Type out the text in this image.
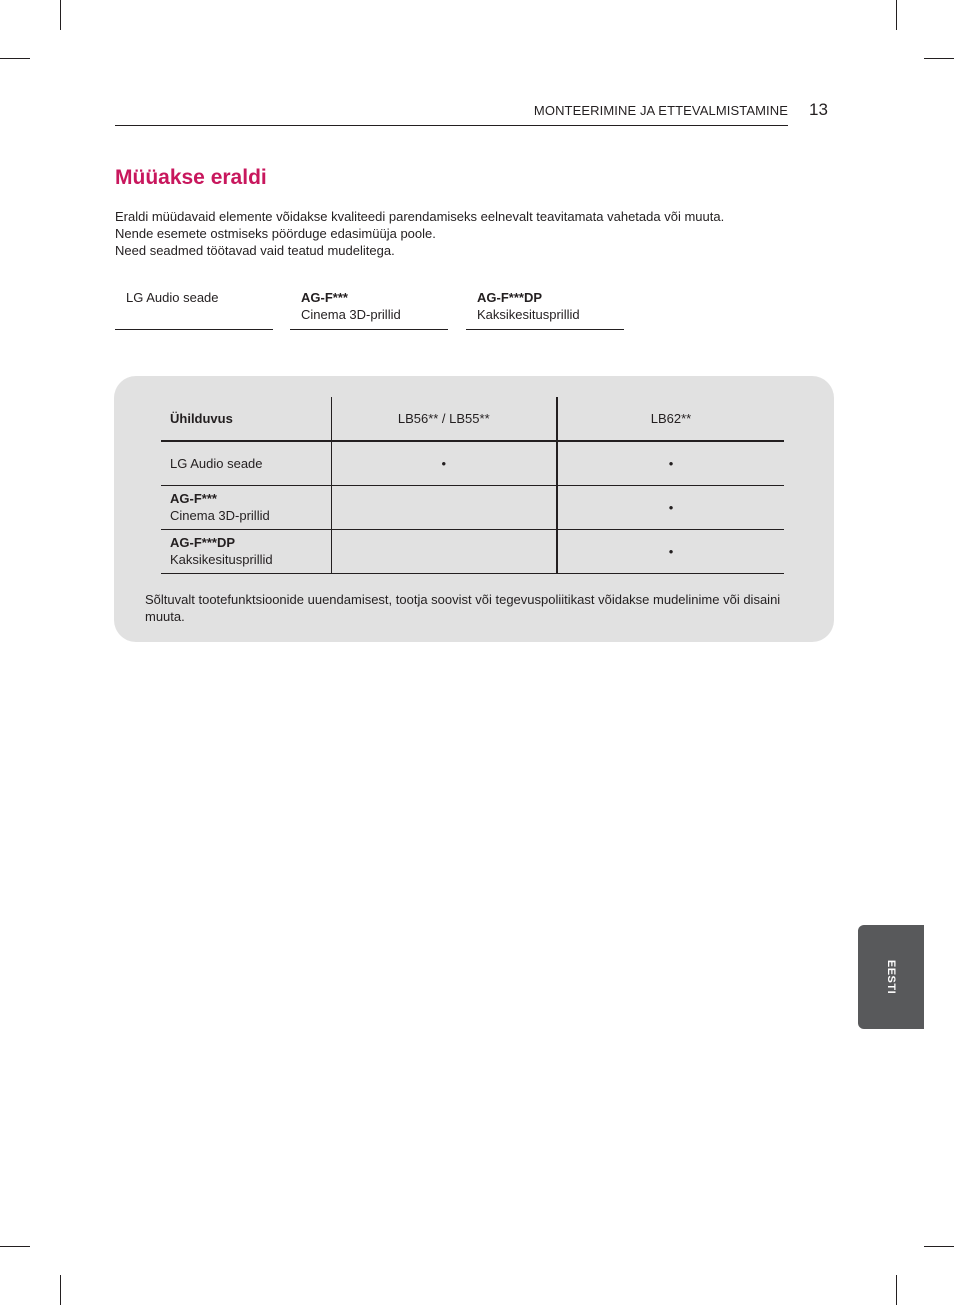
MONTEERIMINE JA ETTEVALMISTAMINE 13
Müüakse eraldi
Eraldi müüdavaid elemente võidakse kvaliteedi parendamiseks eelnevalt teavitamata vahetada või muuta.
Nende esemete ostmiseks pöörduge edasimüüja poole.
Need seadmed töötavad vaid teatud mudelitega.
LG Audio seade	AG-F***
Cinema 3D-prillid
AG-F***DP
Kaksikesitusprillid
Ühilduvus	LB56** / LB55**	LB62**

LG Audio seade	•	•

AG-F***
Cinema 3D-prillid		•

AG-F***DP
Kaksikesitusprillid		•
Sõltuvalt tootefunktsioonide uuendamisest, tootja soovist või tegevuspoliitikast võidakse mudelinime või disaini muuta.
EESTI
